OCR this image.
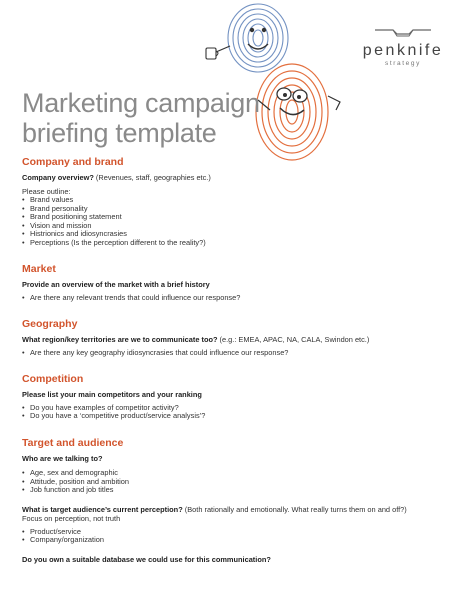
penknife
strategy
Marketing campaign
briefing template
Company and brand

Company overview? (Revenues, staff, geographies etc.)

Please outline:

• Brand values
• Brand personality
• Brand positioning statement
• Vision and mission
• Histrionics and idiosyncrasies
• Perceptions (Is the perception different to the reality?)
Market

Provide an overview of the market with a brief history

• Are there any relevant trends that could influence our response?
Geography

What region/key territories are we to communicate too? (e.g.: EMEA, APAC, NA, CALA, Swindon etc.)

• Are there any key geography idiosyncrasies that could influence our response?
Competition

Please list your main competitors and your ranking

• Do you have examples of competitor activity?
• Do you have a ‘competitive product/service analysis’?
Target and audience

Who are we talking to?

• Age, sex and demographic
• Attitude, position and ambition
• Job function and job titles

What is target audience’s current perception? (Both rationally and emotionally. What really turns them on and off?)

Focus on perception, not truth

• Product/service
• Company/organization

Do you own a suitable database we could use for this communication?
